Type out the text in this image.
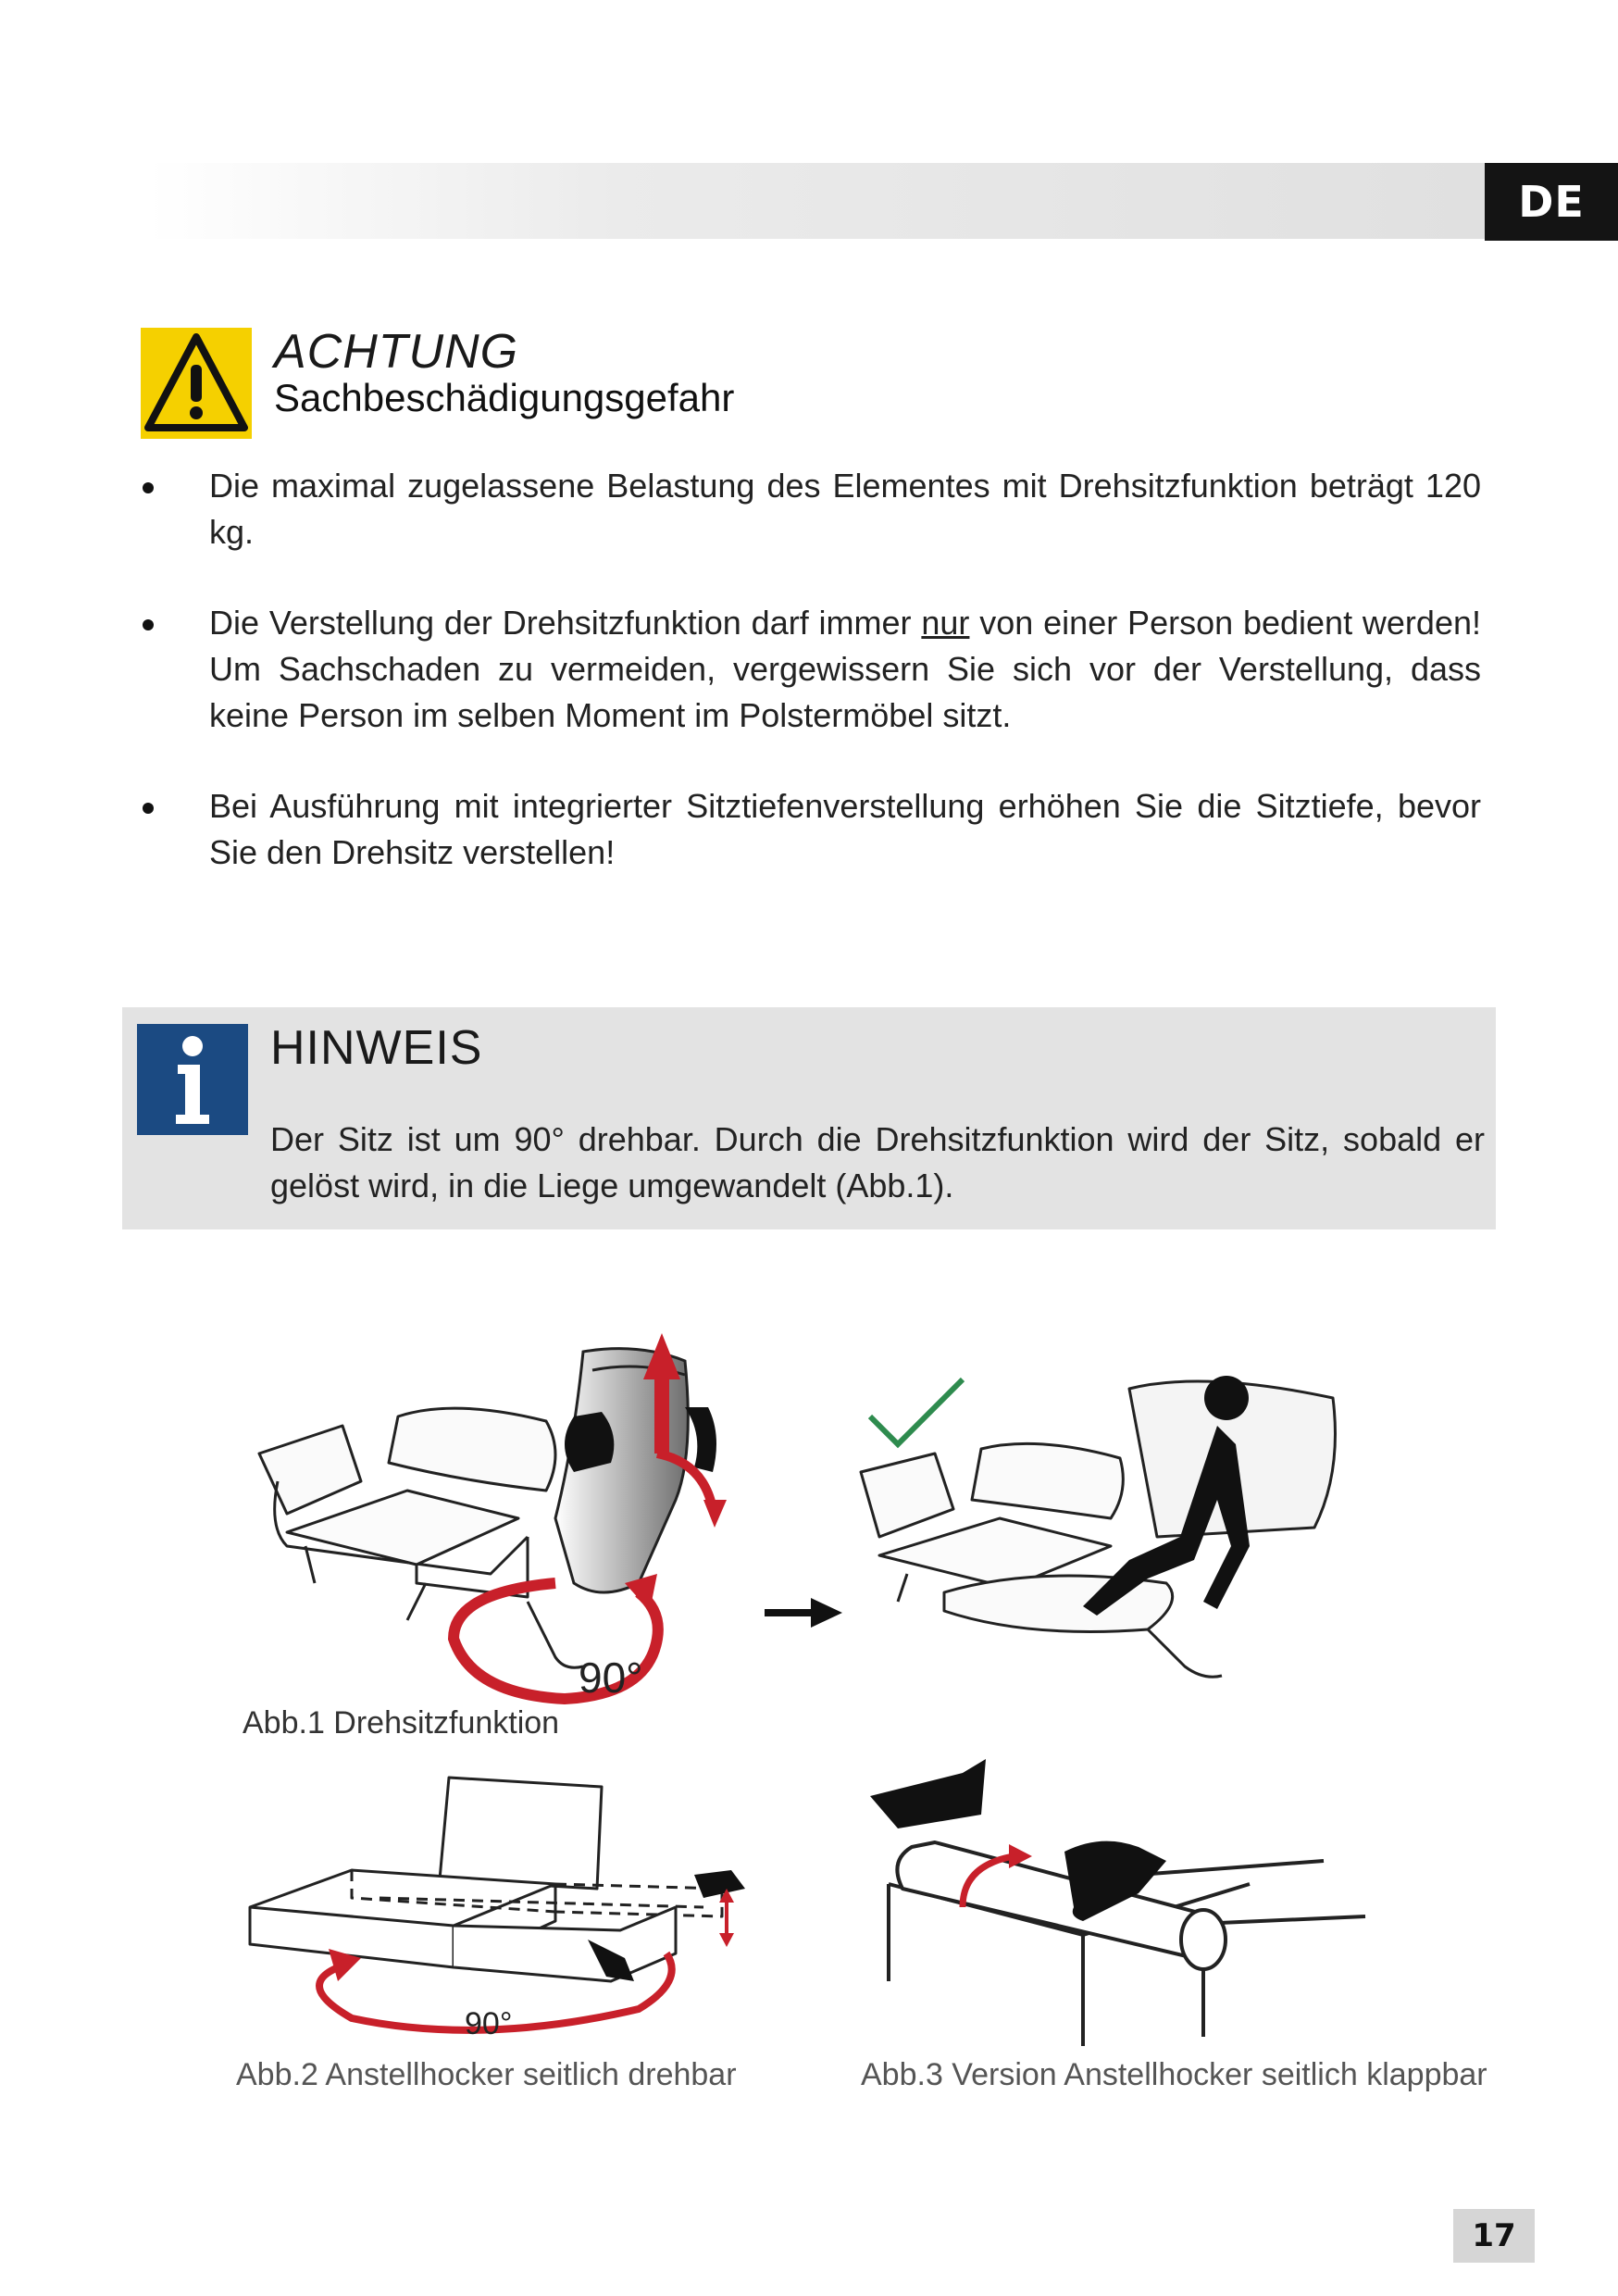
DE
ACHTUNG
Sachbeschädigungsgefahr
Die maximal zugelassene Belastung des Elementes mit Drehsitzfunktion beträgt 120 kg.
Die Verstellung der Drehsitzfunktion darf immer nur von einer Person bedient werden! Um Sachschaden zu vermeiden, vergewissern Sie sich vor der Verstellung, dass keine Person im selben Moment im Polstermöbel sitzt.
Bei Ausführung mit integrierter Sitztiefenverstellung erhöhen Sie die Sitztiefe, bevor Sie den Drehsitz verstellen!
HINWEIS
Der Sitz ist um 90° drehbar. Durch die Drehsitzfunktion wird der Sitz, sobald er gelöst wird, in die Liege umgewandelt (Abb.1).
90°
Abb.1 Drehsitzfunktion
90°
Abb.2 Anstellhocker seitlich drehbar	Abb.3 Version Anstellhocker seitlich klappbar
17
